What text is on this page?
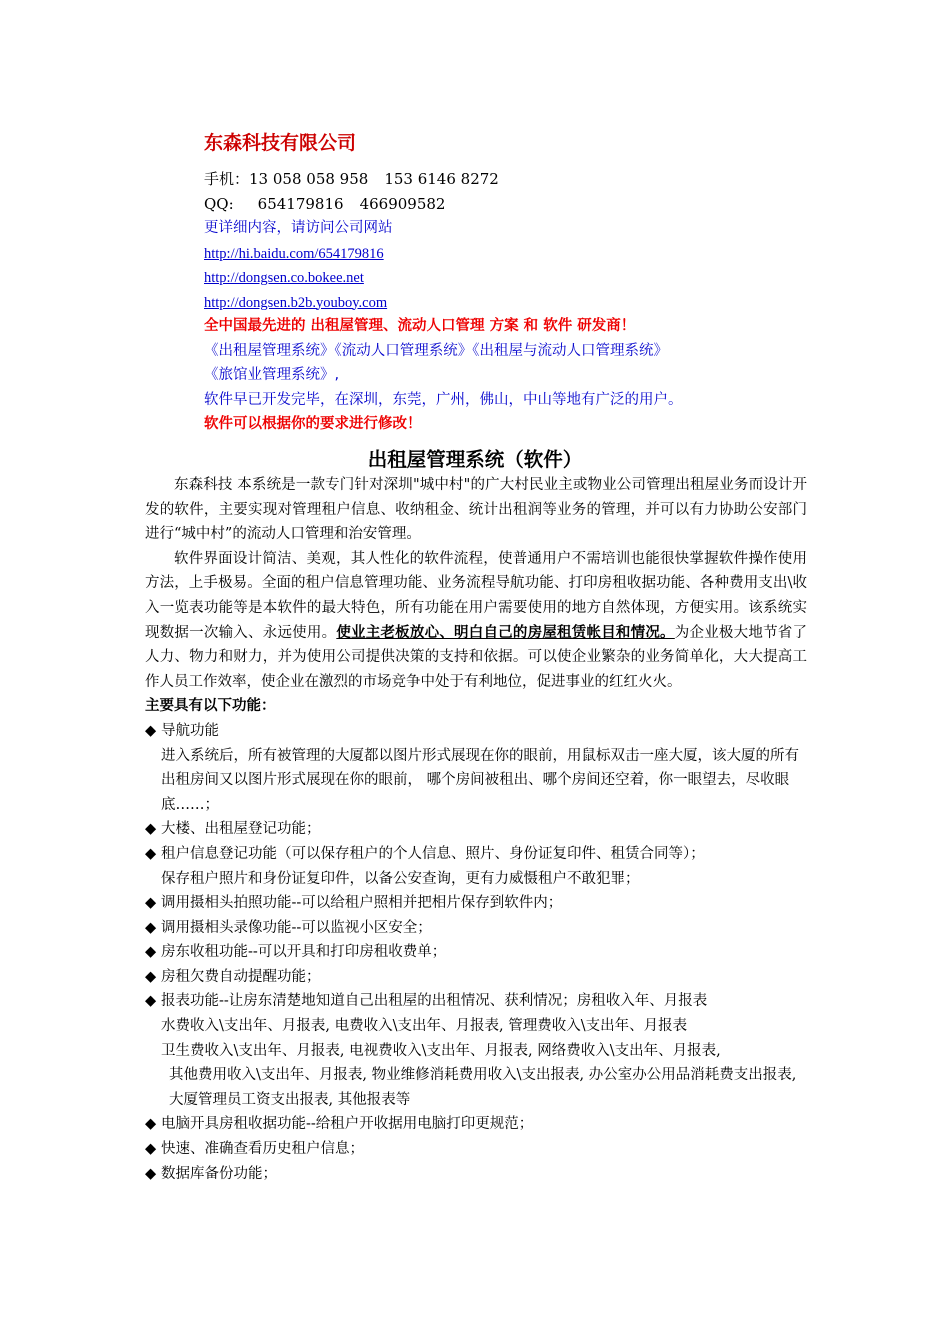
东森科技有限公司
手机：13 058 058 958 153 6146 8272
QQ: 654179816 466909582
更详细内容，请访问公司网站
http://hi.baidu.com/654179816
http://dongsen.co.bokee.net
http://dongsen.b2b.youboy.com
全中国最先进的 出租屋管理、流动人口管理 方案 和 软件 研发商！
《出租屋管理系统》《流动人口管理系统》《出租屋与流动人口管理系统》
《旅馆业管理系统》,
软件早已开发完毕，在深圳，东莞，广州，佛山，中山等地有广泛的用户。
软件可以根据你的要求进行修改！
出租屋管理系统（软件）

东森科技 本系统是一款专门针对深圳"城中村"的广大村民业主或物业公司管理出租屋业务而设计开发的软件，主要实现对管理租户信息、收纳租金、统计出租润等业务的管理，并可以有力协助公安部门进行“城中村”的流动人口管理和治安管理。

软件界面设计简洁、美观，其人性化的软件流程，使普通用户不需培训也能很快掌握软件操作使用方法，上手极易。全面的租户信息管理功能、业务流程导航功能、打印房租收据功能、各种费用支出\收入一览表功能等是本软件的最大特色，所有功能在用户需要使用的地方自然体现，方便实用。该系统实现数据一次输入、永远使用。使业主老板放心、明白自己的房屋租赁帐目和情况。为企业极大地节省了人力、物力和财力，并为使用公司提供决策的支持和依据。可以使企业繁杂的业务简单化，大大提高工作人员工作效率，使企业在激烈的市场竞争中处于有利地位，促进事业的红红火火。

主要具有以下功能：

◆ 导航功能

进入系统后，所有被管理的大厦都以图片形式展现在你的眼前，用鼠标双击一座大厦，该大厦的所有出租房间又以图片形式展现在你的眼前， 哪个房间被租出、哪个房间还空着，你一眼望去，尽收眼底……；

◆ 大楼、出租屋登记功能；

◆ 租户信息登记功能（可以保存租户的个人信息、照片、身份证复印件、租赁合同等）；

保存租户照片和身份证复印件，以备公安查询，更有力威慑租户不敢犯罪；

◆ 调用摄相头拍照功能--可以给租户照相并把相片保存到软件内；

◆ 调用摄相头录像功能--可以监视小区安全；

◆ 房东收租功能--可以开具和打印房租收费单；

◆ 房租欠费自动提醒功能；

◆ 报表功能--让房东清楚地知道自己出租屋的出租情况、获利情况；房租收入年、月报表

水费收入\支出年、月报表, 电费收入\支出年、月报表, 管理费收入\支出年、月报表

卫生费收入\支出年、月报表, 电视费收入\支出年、月报表, 网络费收入\支出年、月报表,

其他费用收入\支出年、月报表, 物业维修消耗费用收入\支出报表, 办公室办公用品消耗费支出报表, 大厦管理员工资支出报表, 其他报表等

◆ 电脑开具房租收据功能--给租户开收据用电脑打印更规范；

◆ 快速、准确查看历史租户信息；

◆ 数据库备份功能；
